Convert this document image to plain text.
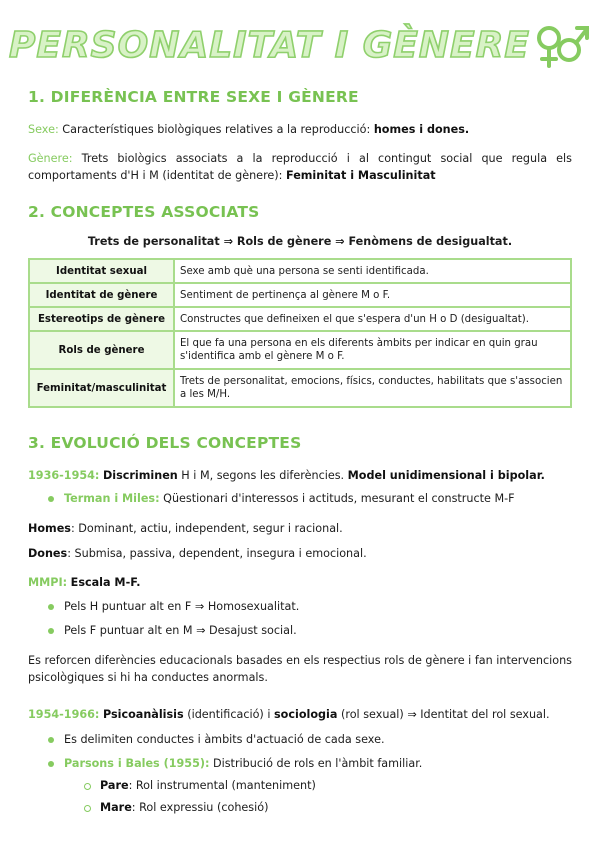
PERSONALITAT I GÈNERE
1. DIFERÈNCIA ENTRE SEXE I GÈNERE

Sexe: Característiques biològiques relatives a la reproducció: homes i dones.

Gènere: Trets biològics associats a la reproducció i al contingut social que regula els comportaments d'H i M (identitat de gènere): Feminitat i Masculinitat

2. CONCEPTES ASSOCIATS

Trets de personalitat ⇒ Rols de gènere ⇒ Fenòmens de desigualtat.

Identitat sexual	Sexe amb què una persona se senti identificada.
Identitat de gènere	Sentiment de pertinença al gènere M o F.
Estereotips de gènere	Constructes que defineixen el que s'espera d'un H o D (desigualtat).
Rols de gènere	El que fa una persona en els diferents àmbits per indicar en quin grau s'identifica amb el gènere M o F.
Feminitat/masculinitat	Trets de personalitat, emocions, físics, conductes, habilitats que s'associen a les M/H.
3. EVOLUCIÓ DELS CONCEPTES

1936-1954: Discriminen H i M, segons les diferències. Model unidimensional i bipolar.

Terman i Miles: Qüestionari d'interessos i actituds, mesurant el constructe M-F

Homes: Dominant, actiu, independent, segur i racional.

Dones: Submisa, passiva, dependent, insegura i emocional.

MMPI: Escala M-F.

Pels H puntuar alt en F ⇒ Homosexualitat.

Pels F puntuar alt en M ⇒ Desajust social.

Es reforcen diferències educacionals basades en els respectius rols de gènere i fan intervencions psicològiques si hi ha conductes anormals.

1954-1966: Psicoanàlisis (identificació) i sociologia (rol sexual) ⇒ Identitat del rol sexual.

Es delimiten conductes i àmbits d'actuació de cada sexe.

Parsons i Bales (1955): Distribució de rols en l'àmbit familiar.

Pare: Rol instrumental (manteniment)

Mare: Rol expressiu (cohesió)
